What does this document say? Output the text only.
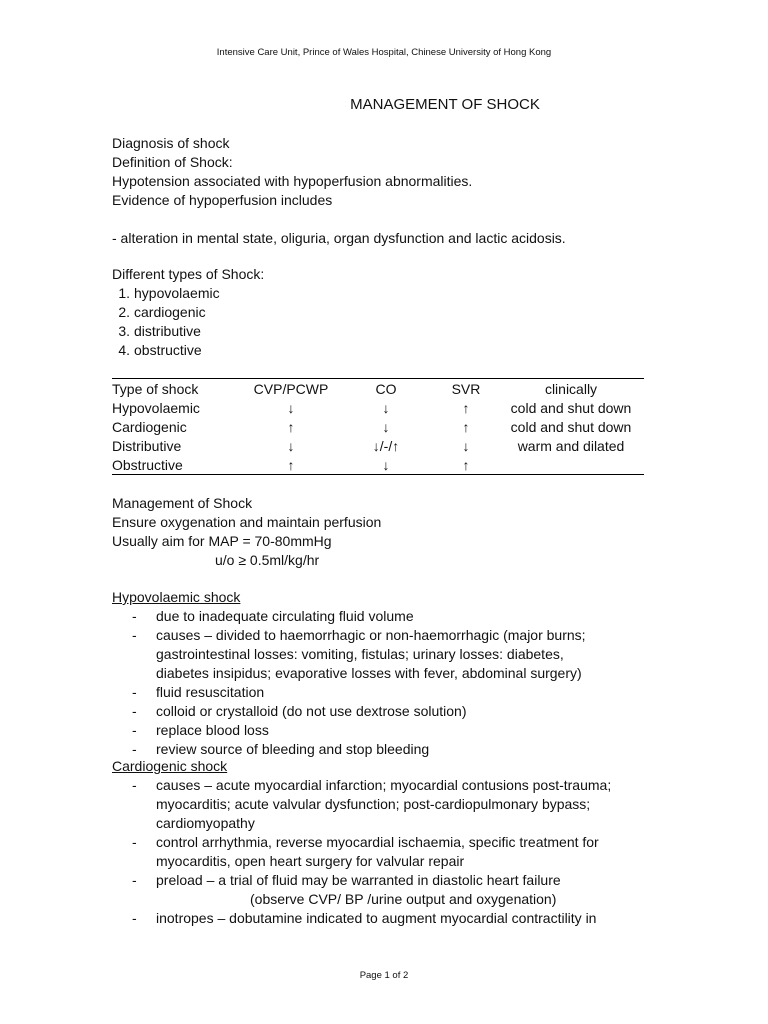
Intensive Care Unit, Prince of Wales Hospital, Chinese University of Hong Kong
MANAGEMENT OF SHOCK

Diagnosis of shock

Definition of Shock:

Hypotension associated with hypoperfusion abnormalities.

Evidence of hypoperfusion includes

- alteration in mental state, oliguria, organ dysfunction and lactic acidosis.

Different types of Shock:

1. hypovolaemic
2. cardiogenic
3. distributive
4. obstructive
Type of shock	CVP/PCWP	CO	SVR	clinically
Hypovolaemic	↓	↓	↑	cold and shut down
Cardiogenic	↑	↓	↑	cold and shut down
Distributive	↓	↓/-/↑	↓	warm and dilated
Obstructive	↑	↓	↑	

Management of Shock

Ensure oxygenation and maintain perfusion

Usually aim for MAP = 70-80mmHg

u/o ≥ 0.5ml/kg/hr

Hypovolaemic shock

- due to inadequate circulating fluid volume
- causes – divided to haemorrhagic or non-haemorrhagic (major burns;
gastrointestinal losses: vomiting, fistulas; urinary losses: diabetes,
diabetes insipidus; evaporative losses with fever, abdominal surgery)
- fluid resuscitation
- colloid or crystalloid (do not use dextrose solution)
- replace blood loss
- review source of bleeding and stop bleeding

Cardiogenic shock

- causes – acute myocardial infarction; myocardial contusions post-trauma;
myocarditis; acute valvular dysfunction; post-cardiopulmonary bypass;
cardiomyopathy
- control arrhythmia, reverse myocardial ischaemia, specific treatment for
myocarditis, open heart surgery for valvular repair
- preload – a trial of fluid may be warranted in diastolic heart failure
(observe CVP/ BP /urine output and oxygenation)
- inotropes – dobutamine indicated to augment myocardial contractility in
Page 1 of 2
